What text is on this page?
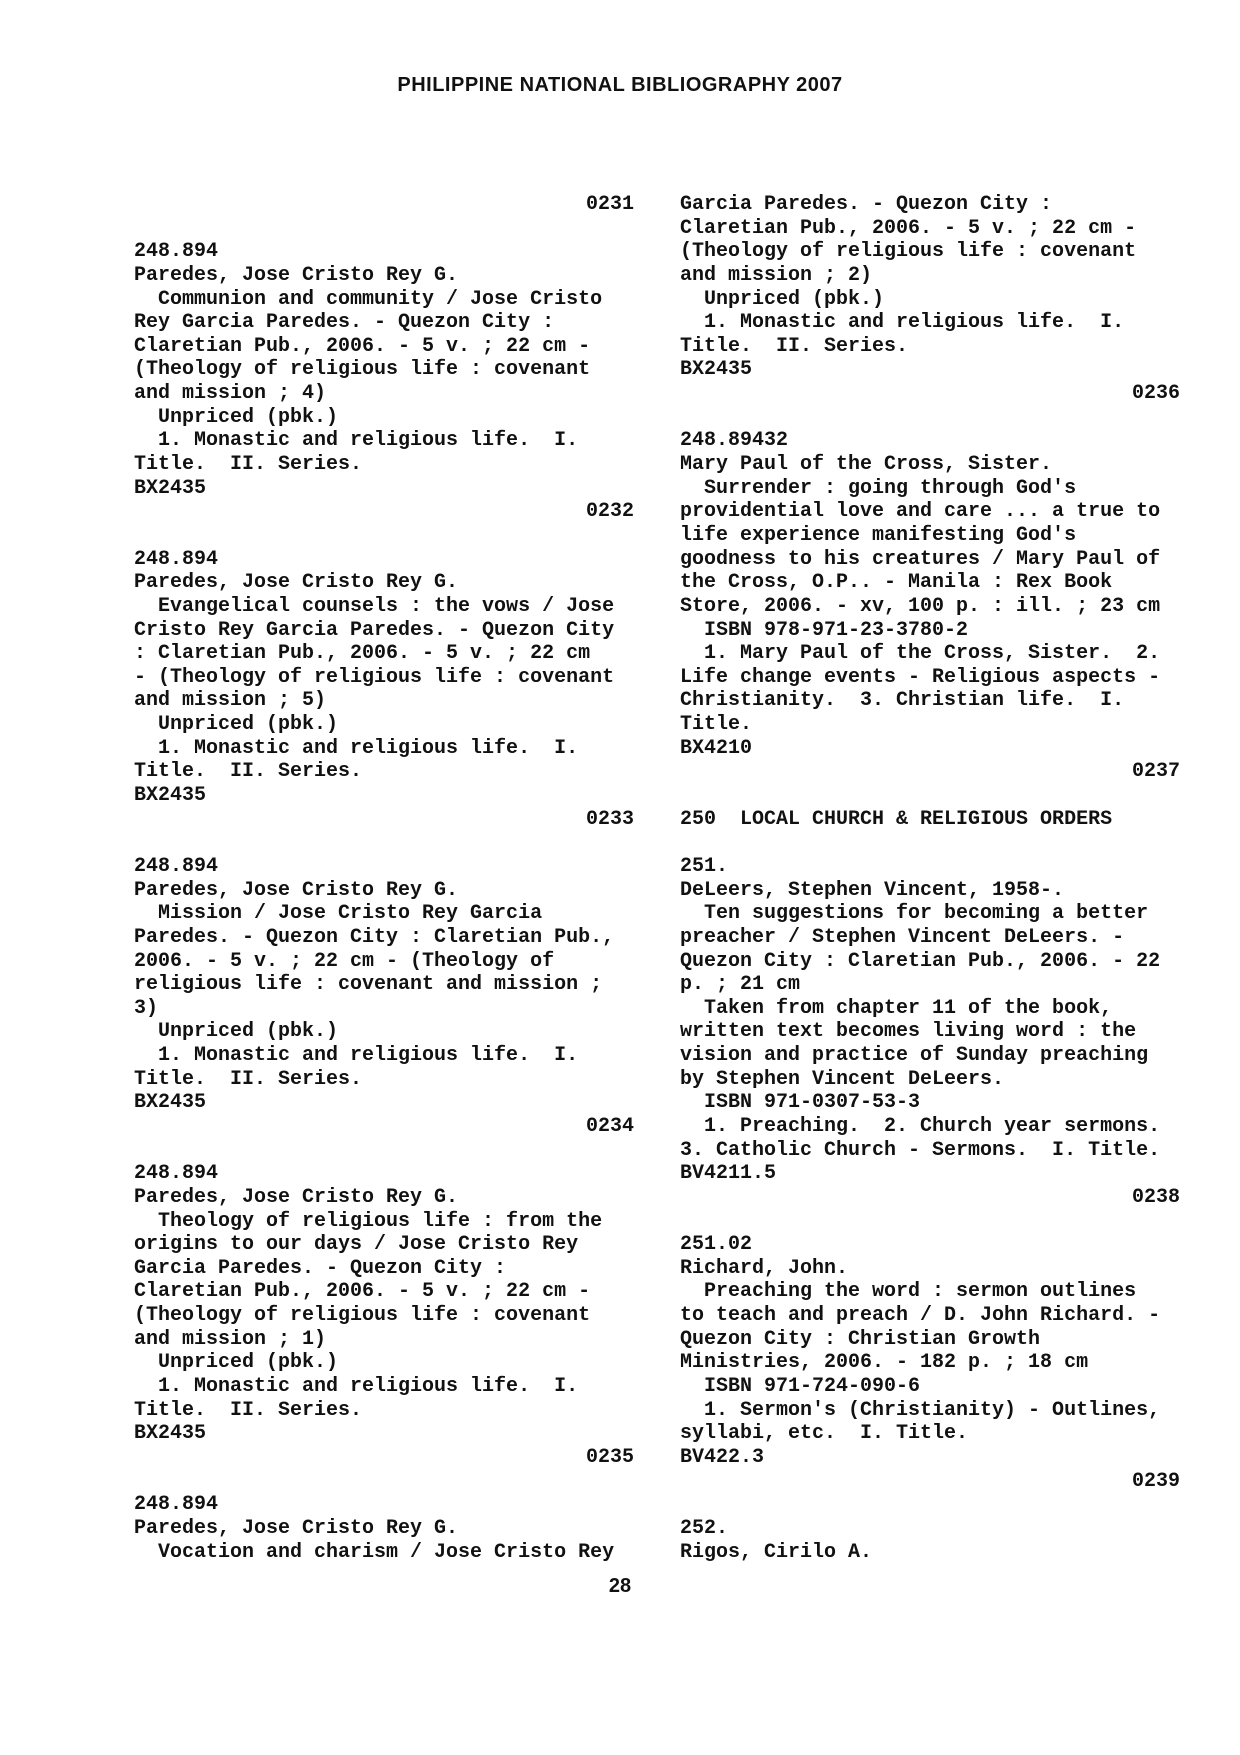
PHILIPPINE NATIONAL BIBLIOGRAPHY 2007
0231
248.894
Paredes, Jose Cristo Rey G.
Communion and community / Jose Cristo
Rey Garcia Paredes. - Quezon City :
Claretian Pub., 2006. - 5 v. ; 22 cm -
(Theology of religious life : covenant
and mission ; 4)
Unpriced (pbk.)
1. Monastic and religious life.  I.
Title.  II. Series.
BX2435
0232
248.894
Paredes, Jose Cristo Rey G.
Evangelical counsels : the vows / Jose
Cristo Rey Garcia Paredes. - Quezon City
: Claretian Pub., 2006. - 5 v. ; 22 cm
- (Theology of religious life : covenant
and mission ; 5)
Unpriced (pbk.)
1. Monastic and religious life.  I.
Title.  II. Series.
BX2435
0233
248.894
Paredes, Jose Cristo Rey G.
Mission / Jose Cristo Rey Garcia
Paredes. - Quezon City : Claretian Pub.,
2006. - 5 v. ; 22 cm - (Theology of
religious life : covenant and mission ;
3)
Unpriced (pbk.)
1. Monastic and religious life.  I.
Title.  II. Series.
BX2435
0234
248.894
Paredes, Jose Cristo Rey G.
Theology of religious life : from the
origins to our days / Jose Cristo Rey
Garcia Paredes. - Quezon City :
Claretian Pub., 2006. - 5 v. ; 22 cm -
(Theology of religious life : covenant
and mission ; 1)
Unpriced (pbk.)
1. Monastic and religious life.  I.
Title.  II. Series.
BX2435
0235
248.894
Paredes, Jose Cristo Rey G.
Vocation and charism / Jose Cristo Rey
Garcia Paredes. - Quezon City :
Claretian Pub., 2006. - 5 v. ; 22 cm -
(Theology of religious life : covenant
and mission ; 2)
Unpriced (pbk.)
1. Monastic and religious life.  I.
Title.  II. Series.
BX2435
0236
248.89432
Mary Paul of the Cross, Sister.
Surrender : going through God's
providential love and care ... a true to
life experience manifesting God's
goodness to his creatures / Mary Paul of
the Cross, O.P.. - Manila : Rex Book
Store, 2006. - xv, 100 p. : ill. ; 23 cm
ISBN 978-971-23-3780-2
1. Mary Paul of the Cross, Sister.  2.
Life change events - Religious aspects -
Christianity.  3. Christian life.  I.
Title.
BX4210
0237
250  LOCAL CHURCH & RELIGIOUS ORDERS
251.
DeLeers, Stephen Vincent, 1958-.
Ten suggestions for becoming a better
preacher / Stephen Vincent DeLeers. -
Quezon City : Claretian Pub., 2006. - 22
p. ; 21 cm
Taken from chapter 11 of the book,
written text becomes living word : the
vision and practice of Sunday preaching
by Stephen Vincent DeLeers.
ISBN 971-0307-53-3
1. Preaching.  2. Church year sermons.
3. Catholic Church - Sermons.  I. Title.
BV4211.5
0238
251.02
Richard, John.
Preaching the word : sermon outlines
to teach and preach / D. John Richard. -
Quezon City : Christian Growth
Ministries, 2006. - 182 p. ; 18 cm
ISBN 971-724-090-6
1. Sermon's (Christianity) - Outlines,
syllabi, etc.  I. Title.
BV422.3
0239
252.
Rigos, Cirilo A.
28
